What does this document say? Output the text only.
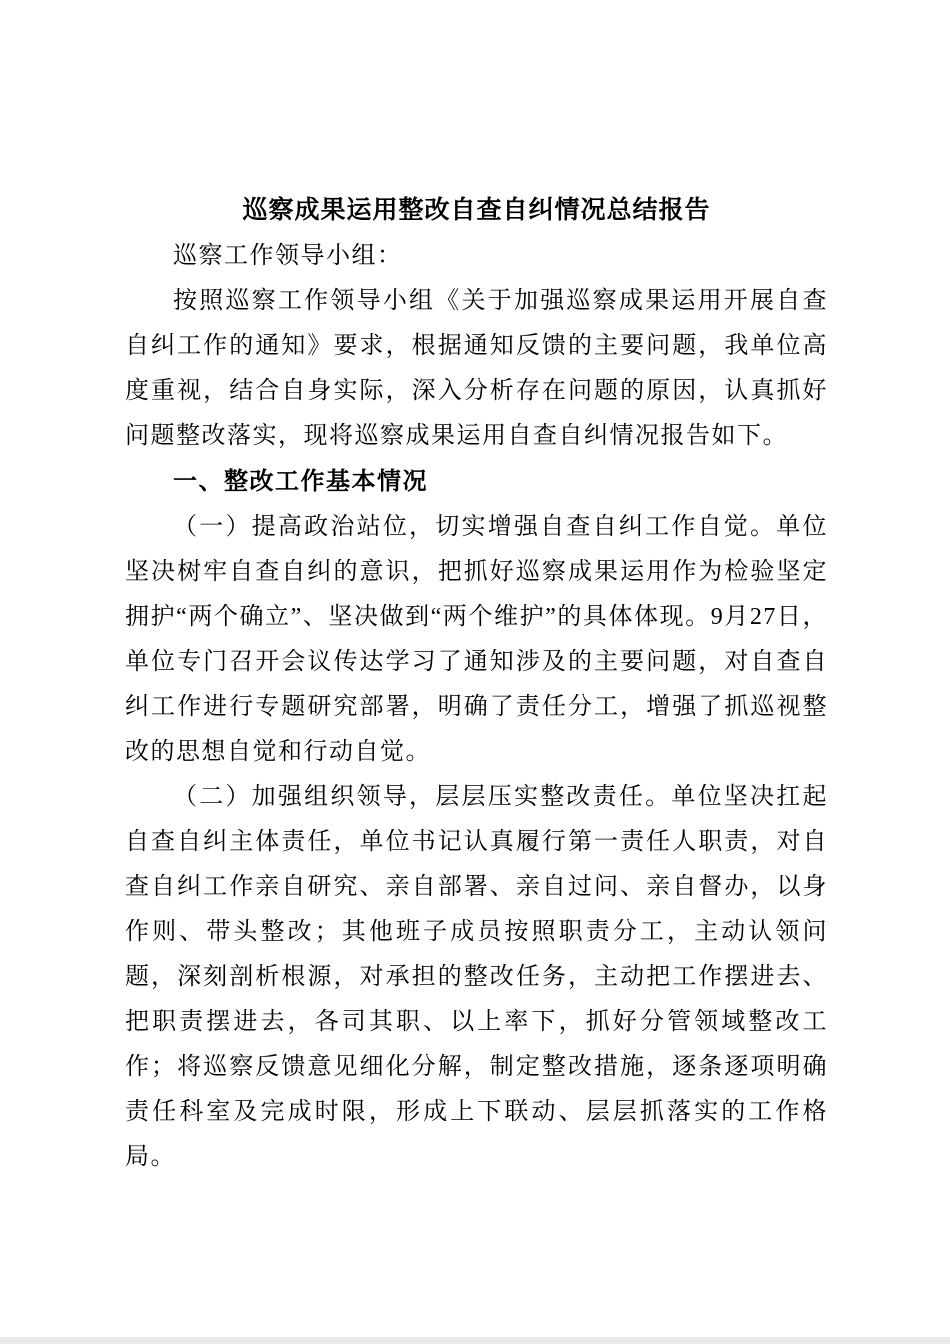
巡察成果运用整改自查自纠情况总结报告

巡察工作领导小组：

按照巡察工作领导小组《关于加强巡察成果运用开展自查自纠工作的通知》要求，根据通知反馈的主要问题，我单位高度重视，结合自身实际，深入分析存在问题的原因，认真抓好问题整改落实，现将巡察成果运用自查自纠情况报告如下。

一、整改工作基本情况

（一）提高政治站位，切实增强自查自纠工作自觉。单位坚决树牢自查自纠的意识，把抓好巡察成果运用作为检验坚定拥护“两个确立”、坚决做到“两个维护”的具体体现。9月27日，单位专门召开会议传达学习了通知涉及的主要问题，对自查自纠工作进行专题研究部署，明确了责任分工，增强了抓巡视整改的思想自觉和行动自觉。

（二）加强组织领导，层层压实整改责任。单位坚决扛起自查自纠主体责任，单位书记认真履行第一责任人职责，对自查自纠工作亲自研究、亲自部署、亲自过问、亲自督办，以身作则、带头整改；其他班子成员按照职责分工，主动认领问题，深刻剖析根源，对承担的整改任务，主动把工作摆进去、把职责摆进去，各司其职、以上率下，抓好分管领域整改工作；将巡察反馈意见细化分解，制定整改措施，逐条逐项明确责任科室及完成时限，形成上下联动、层层抓落实的工作格局。
